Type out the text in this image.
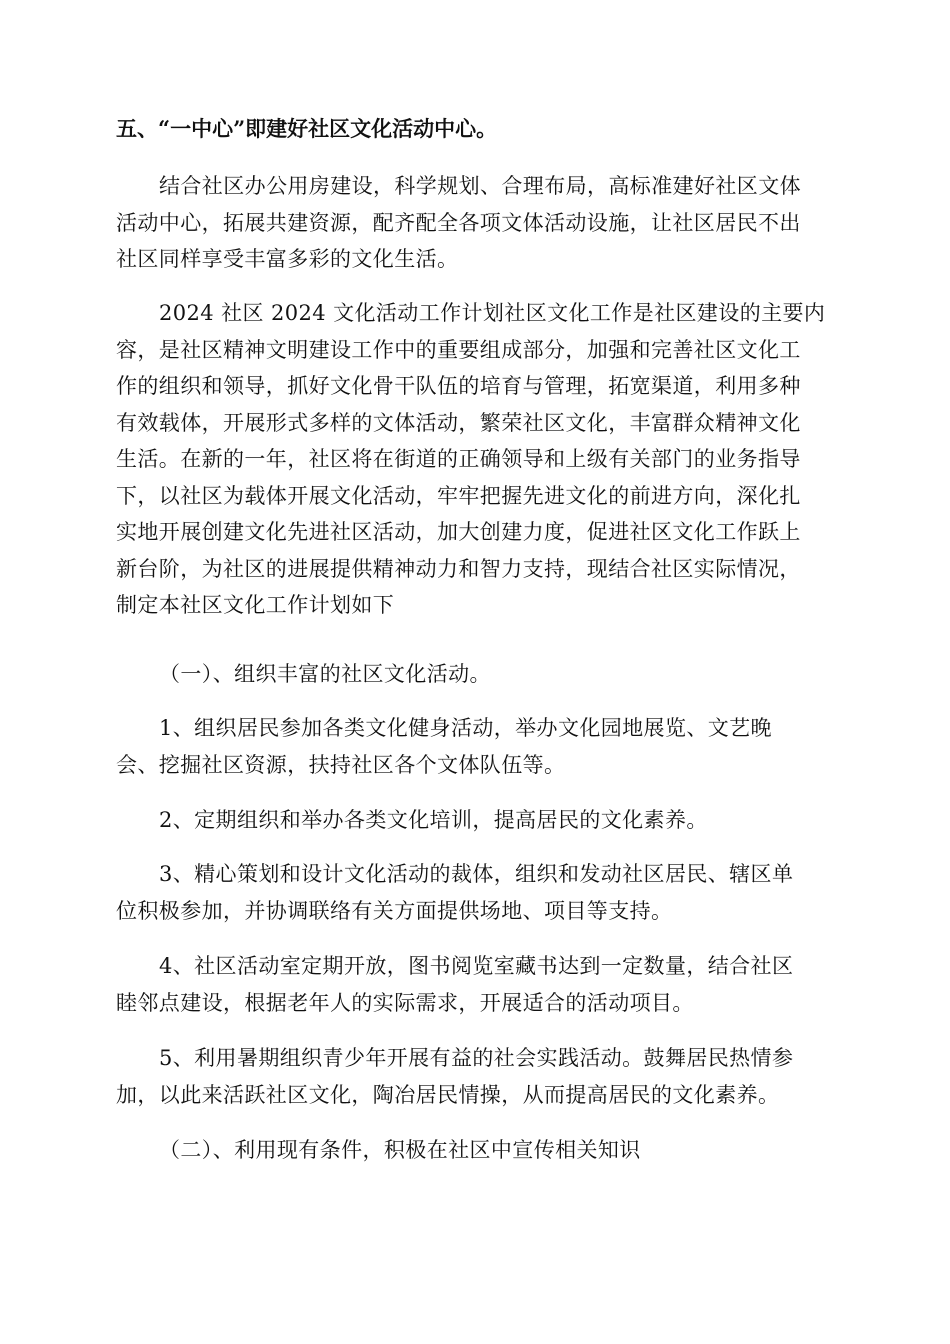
五、“一中心”即建好社区文化活动中心。
结合社区办公用房建设，科学规划、合理布局，高标准建好社区文体
活动中心，拓展共建资源，配齐配全各项文体活动设施，让社区居民不出
社区同样享受丰富多彩的文化生活。
2024 社区 2024 文化活动工作计划社区文化工作是社区建设的主要内
容，是社区精神文明建设工作中的重要组成部分，加强和完善社区文化工
作的组织和领导，抓好文化骨干队伍的培育与管理，拓宽渠道，利用多种
有效载体，开展形式多样的文体活动，繁荣社区文化，丰富群众精神文化
生活。在新的一年，社区将在街道的正确领导和上级有关部门的业务指导
下，以社区为载体开展文化活动，牢牢把握先进文化的前进方向，深化扎
实地开展创建文化先进社区活动，加大创建力度，促进社区文化工作跃上
新台阶，为社区的进展提供精神动力和智力支持，现结合社区实际情况，
制定本社区文化工作计划如下
（一）、组织丰富的社区文化活动。
1、组织居民参加各类文化健身活动，举办文化园地展览、文艺晚
会、挖掘社区资源，扶持社区各个文体队伍等。
2、定期组织和举办各类文化培训，提高居民的文化素养。
3、精心策划和设计文化活动的裁体，组织和发动社区居民、辖区单
位积极参加，并协调联络有关方面提供场地、项目等支持。
4、社区活动室定期开放，图书阅览室藏书达到一定数量，结合社区
睦邻点建设，根据老年人的实际需求，开展适合的活动项目。
5、利用暑期组织青少年开展有益的社会实践活动。鼓舞居民热情参
加，以此来活跃社区文化，陶冶居民情操，从而提高居民的文化素养。
（二）、利用现有条件，积极在社区中宣传相关知识
